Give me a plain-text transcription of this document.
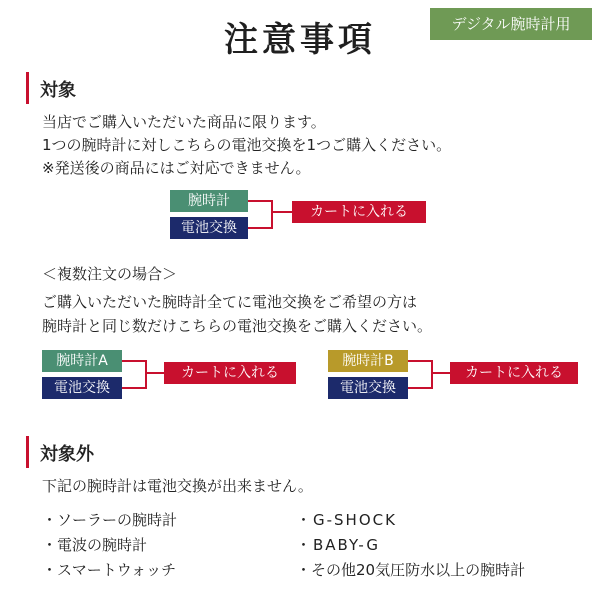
注意事項	デジタル腕時計用
対象
当店でご購入いただいた商品に限ります。
1つの腕時計に対しこちらの電池交換を1つご購入ください。
※発送後の商品にはご対応できません。
腕時計
電池交換
カートに入れる
＜複数注文の場合＞
ご購入いただいた腕時計全てに電池交換をご希望の方は
腕時計と同じ数だけこちらの電池交換をご購入ください。
腕時計A
電池交換
カートに入れる
腕時計B
電池交換
カートに入れる
対象外
下記の腕時計は電池交換が出来ません。
・ソーラーの腕時計
・電波の腕時計
・スマートウォッチ
・G-SHOCK
・BABY-G
・その他20気圧防水以上の腕時計
